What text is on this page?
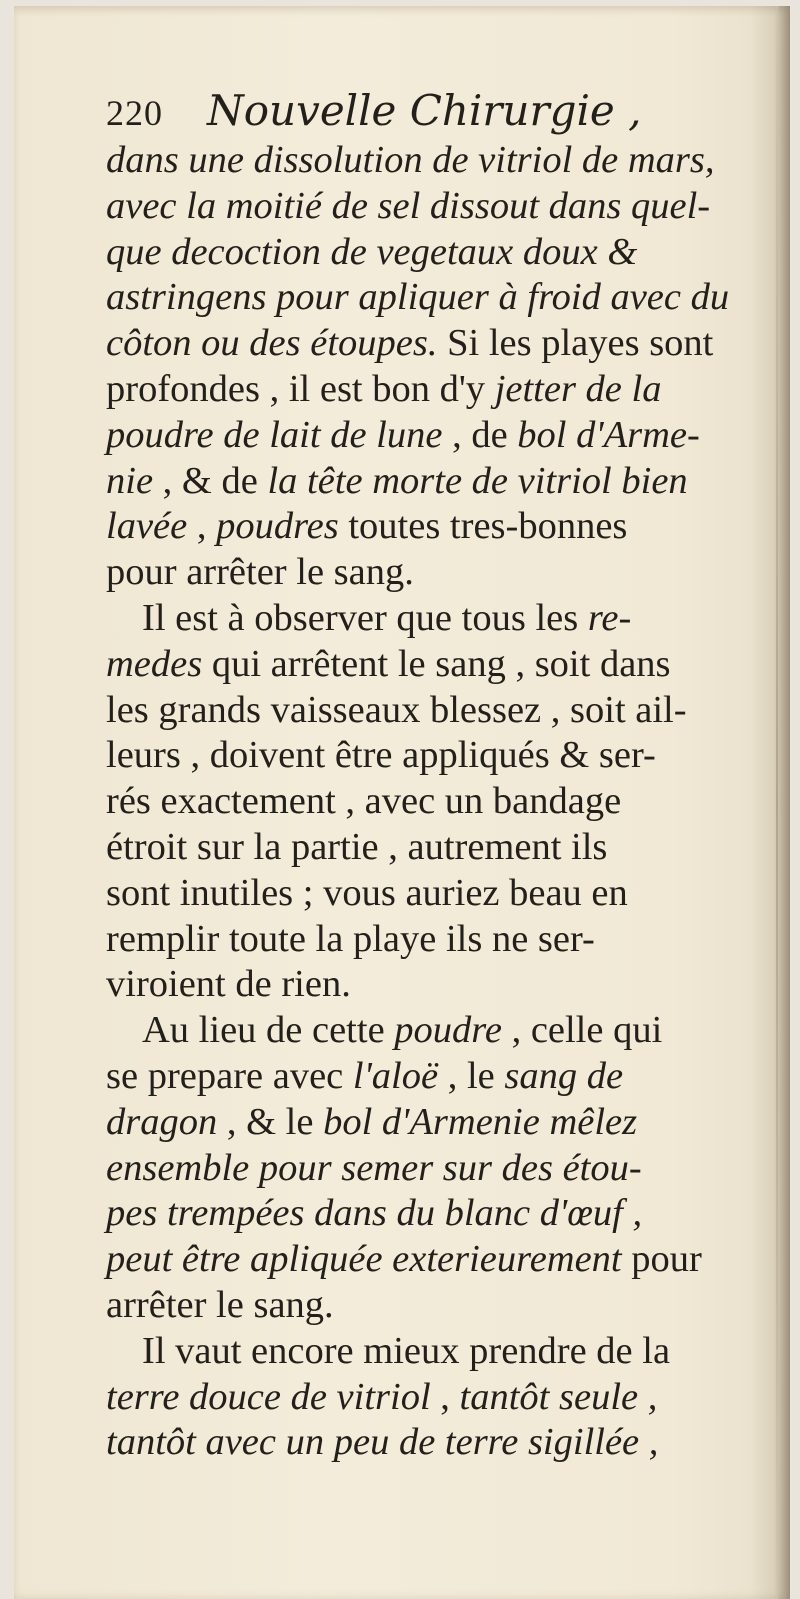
220 Nouvelle Chirurgie ,
dans une dissolution de vitriol de mars,
avec la moitié de sel dissout dans quel-
que decoction de vegetaux doux &
astringens pour apliquer à froid avec du
côton ou des étoupes. Si les playes sont
profondes , il est bon d'y jetter de la
poudre de lait de lune , de bol d'Arme-
nie , & de la tête morte de vitriol bien
lavée , poudres toutes tres-bonnes
pour arrêter le sang.
Il est à observer que tous les re-
medes qui arrêtent le sang , soit dans
les grands vaisseaux blessez , soit ail-
leurs , doivent être appliqués & ser-
rés exactement , avec un bandage
étroit sur la partie , autrement ils
sont inutiles ; vous auriez beau en
remplir toute la playe ils ne ser-
viroient de rien.
Au lieu de cette poudre , celle qui
se prepare avec l'aloë , le sang de
dragon , & le bol d'Armenie mêlez
ensemble pour semer sur des étou-
pes trempées dans du blanc d'œuf ,
peut être apliquée exterieurement pour
arrêter le sang.
Il vaut encore mieux prendre de la
terre douce de vitriol , tantôt seule ,
tantôt avec un peu de terre sigillée ,
